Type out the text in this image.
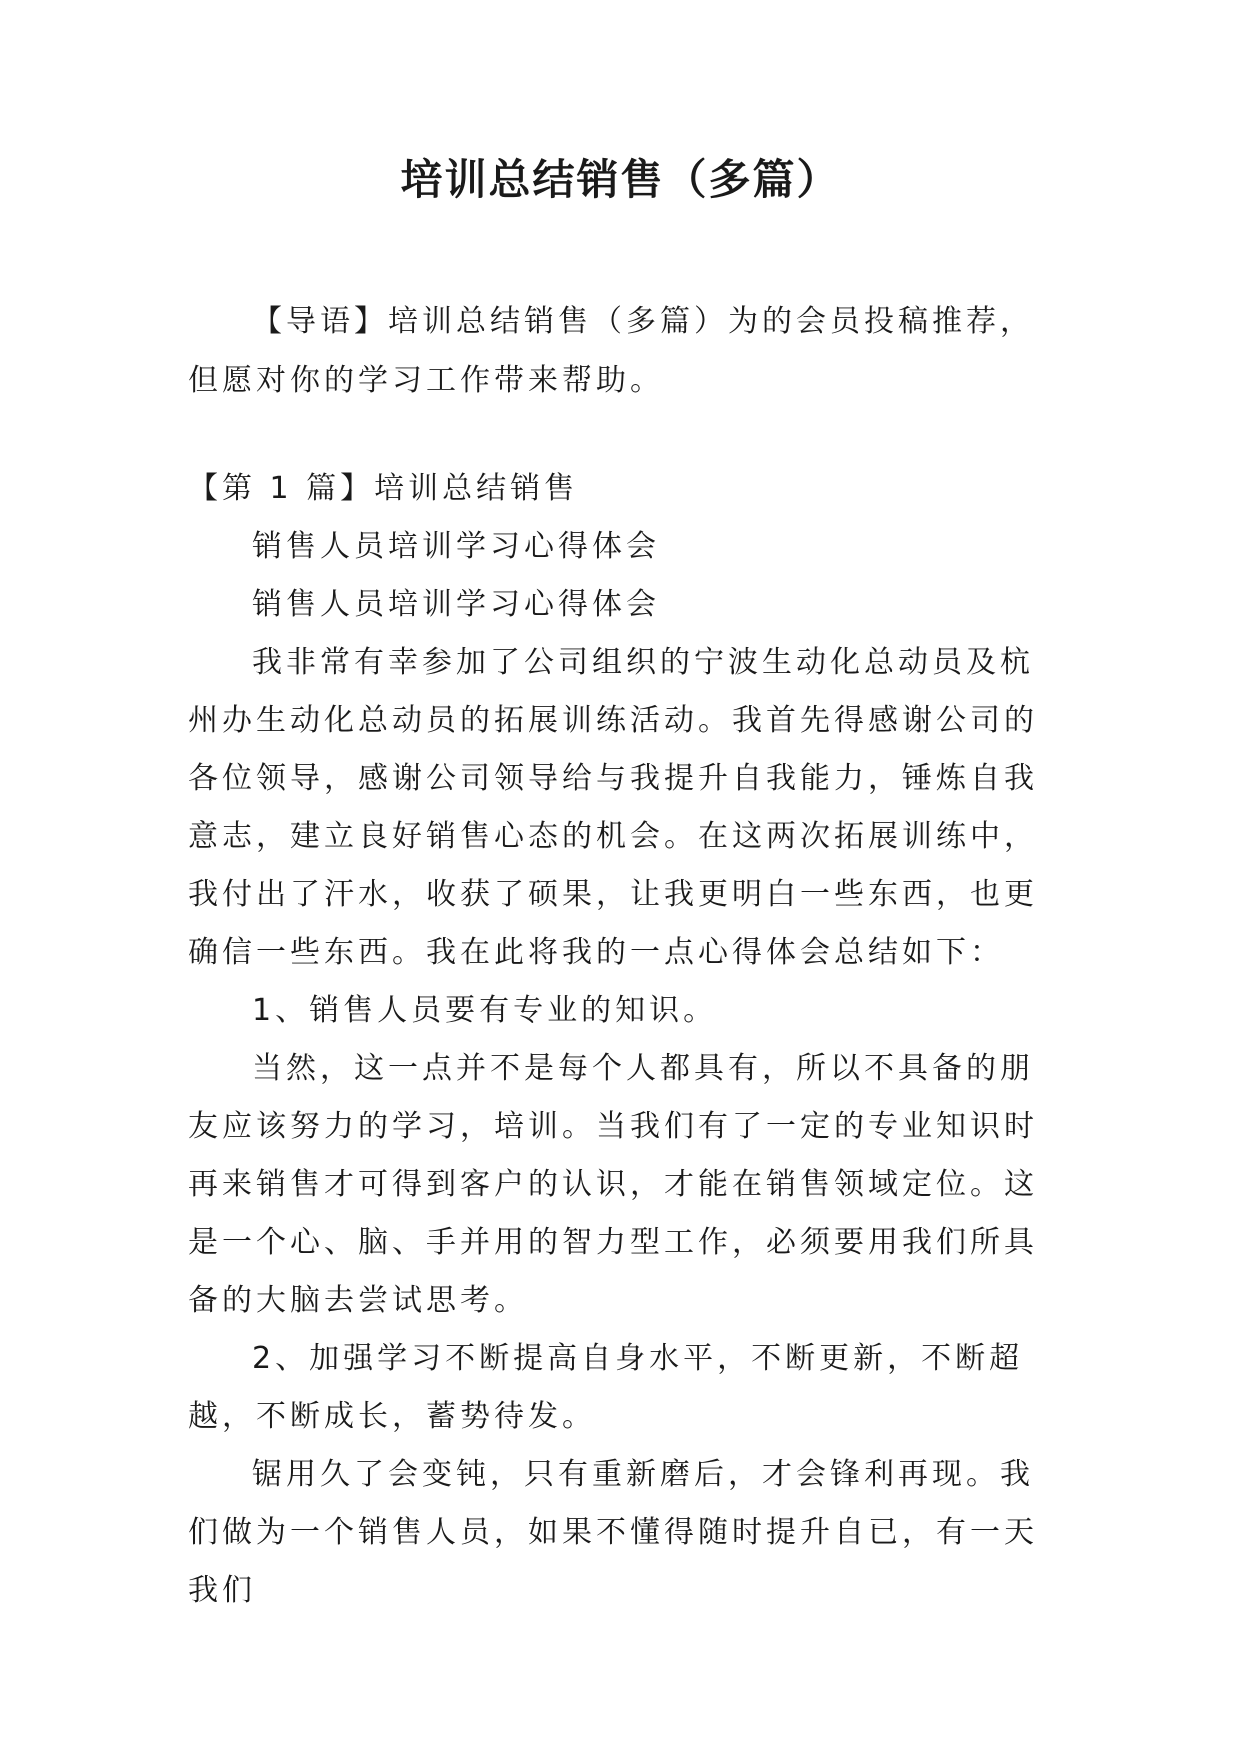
培训总结销售（多篇）
【导语】培训总结销售（多篇）为的会员投稿推荐，但愿对你的学习工作带来帮助。

【第 1 篇】培训总结销售

销售人员培训学习心得体会

销售人员培训学习心得体会

我非常有幸参加了公司组织的宁波生动化总动员及杭州办生动化总动员的拓展训练活动。我首先得感谢公司的各位领导，感谢公司领导给与我提升自我能力，锤炼自我意志，建立良好销售心态的机会。在这两次拓展训练中，我付出了汗水，收获了硕果，让我更明白一些东西，也更确信一些东西。我在此将我的一点心得体会总结如下：

1、销售人员要有专业的知识。

当然，这一点并不是每个人都具有，所以不具备的朋友应该努力的学习，培训。当我们有了一定的专业知识时再来销售才可得到客户的认识，才能在销售领域定位。这是一个心、脑、手并用的智力型工作，必须要用我们所具备的大脑去尝试思考。

2、加强学习不断提高自身水平，不断更新，不断超越，不断成长，蓄势待发。

锯用久了会变钝，只有重新磨后，才会锋利再现。我们做为一个销售人员，如果不懂得随时提升自已，有一天我们
